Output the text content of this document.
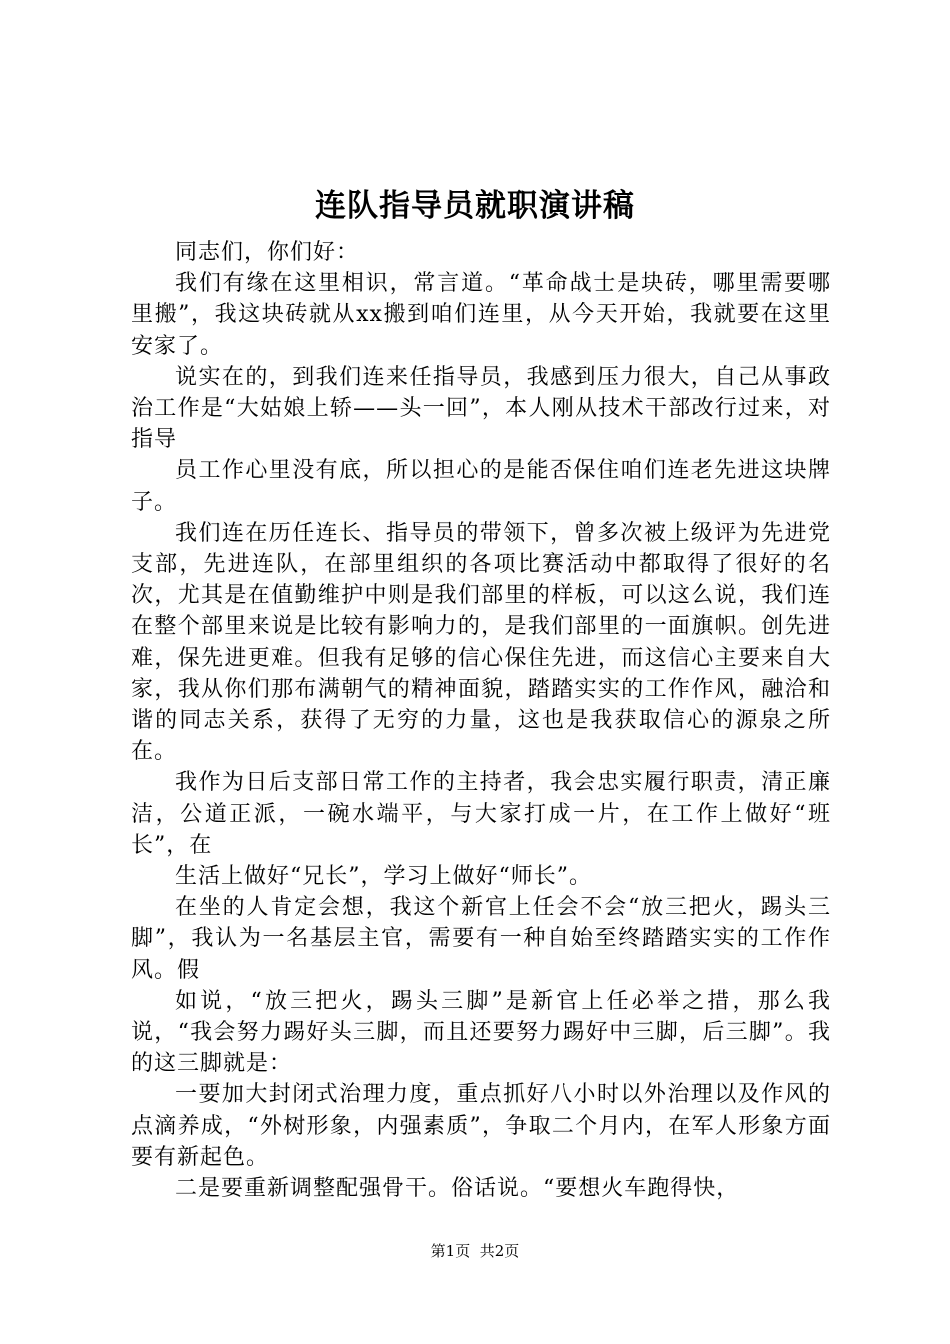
连队指导员就职演讲稿

同志们，你们好：

我们有缘在这里相识，常言道。“革命战士是块砖，哪里需要哪里搬”，我这块砖就从xx搬到咱们连里，从今天开始，我就要在这里安家了。

说实在的，到我们连来任指导员，我感到压力很大，自己从事政治工作是“大姑娘上轿——头一回”，本人刚从技术干部改行过来，对指导

员工作心里没有底，所以担心的是能否保住咱们连老先进这块牌子。

我们连在历任连长、指导员的带领下，曾多次被上级评为先进党支部，先进连队，在部里组织的各项比赛活动中都取得了很好的名次，尤其是在值勤维护中则是我们部里的样板，可以这么说，我们连在整个部里来说是比较有影响力的，是我们部里的一面旗帜。创先进难，保先进更难。但我有足够的信心保住先进，而这信心主要来自大家，我从你们那布满朝气的精神面貌，踏踏实实的工作作风，融洽和谐的同志关系，获得了无穷的力量，这也是我获取信心的源泉之所在。

我作为日后支部日常工作的主持者，我会忠实履行职责，清正廉洁，公道正派，一碗水端平，与大家打成一片，在工作上做好“班长”，在

生活上做好“兄长”，学习上做好“师长”。

在坐的人肯定会想，我这个新官上任会不会“放三把火，踢头三脚”，我认为一名基层主官，需要有一种自始至终踏踏实实的工作作风。假

如说，“放三把火，踢头三脚”是新官上任必举之措，那么我说，“我会努力踢好头三脚，而且还要努力踢好中三脚，后三脚”。我的这三脚就是：

一要加大封闭式治理力度，重点抓好八小时以外治理以及作风的点滴养成，“外树形象，内强素质”，争取二个月内，在军人形象方面要有新起色。

二是要重新调整配强骨干。俗话说。“要想火车跑得快，

第1页 共2页
